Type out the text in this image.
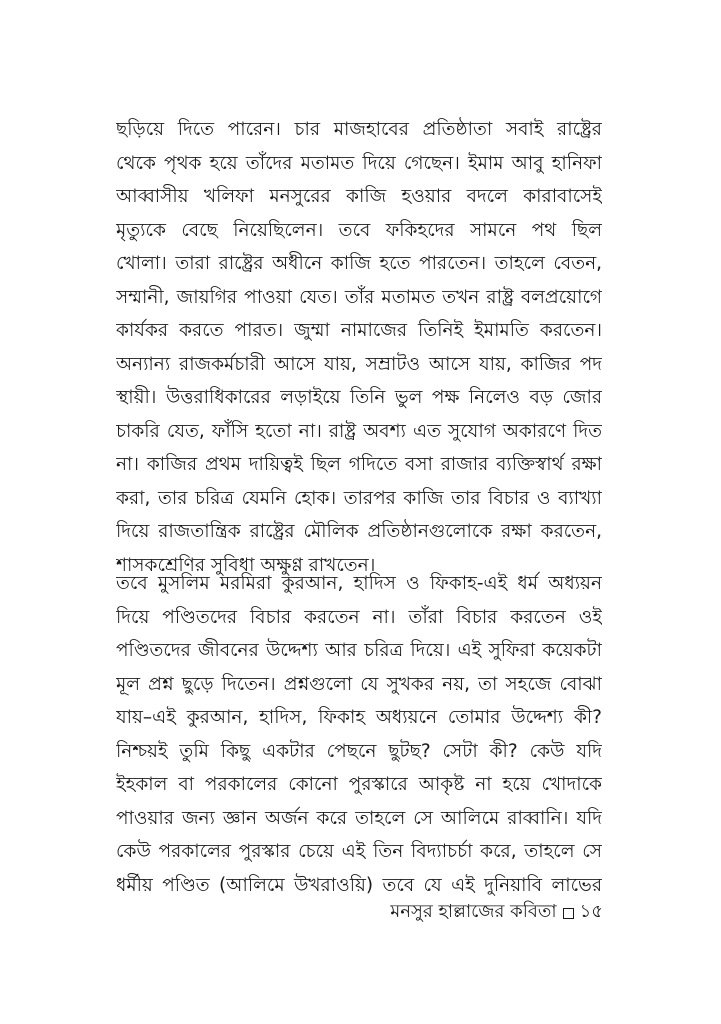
ছড়িয়ে দিতে পারেন। চার মাজহাবের প্রতিষ্ঠাতা সবাই রাষ্ট্রের
থেকে পৃথক হয়ে তাঁদের মতামত দিয়ে গেছেন। ইমাম আবু হানিফা
আব্বাসীয় খলিফা মনসুরের কাজি হওয়ার বদলে কারাবাসেই
মৃত্যুকে বেছে নিয়েছিলেন। তবে ফকিহদের সামনে পথ ছিল
খোলা। তারা রাষ্ট্রের অধীনে কাজি হতে পারতেন। তাহলে বেতন,
সম্মানী, জায়গির পাওয়া যেত। তাঁর মতামত তখন রাষ্ট্র বলপ্রয়োগে
কার্যকর করতে পারত। জুম্মা নামাজের তিনিই ইমামতি করতেন।
অন্যান্য রাজকর্মচারী আসে যায়, সম্রাটও আসে যায়, কাজির পদ
স্থায়ী। উত্তরাধিকারের লড়াইয়ে তিনি ভুল পক্ষ নিলেও বড় জোর
চাকরি যেত, ফাঁসি হতো না। রাষ্ট্র অবশ্য এত সুযোগ অকারণে দিত
না। কাজির প্রথম দায়িত্বই ছিল গদিতে বসা রাজার ব্যক্তিস্বার্থ রক্ষা
করা, তার চরিত্র যেমনি হোক। তারপর কাজি তার বিচার ও ব্যাখ্যা
দিয়ে রাজতান্ত্রিক রাষ্ট্রের মৌলিক প্রতিষ্ঠানগুলোকে রক্ষা করতেন,
শাসকশ্রেণির সুবিধা অক্ষুণ্ণ রাখতেন।
তবে মুসলিম মরমিরা কুরআন, হাদিস ও ফিকাহ-এই ধর্ম অধ্যয়ন
দিয়ে পণ্ডিতদের বিচার করতেন না। তাঁরা বিচার করতেন ওই
পণ্ডিতদের জীবনের উদ্দেশ্য আর চরিত্র দিয়ে। এই সুফিরা কয়েকটা
মূল প্রশ্ন ছুড়ে দিতেন। প্রশ্নগুলো যে সুখকর নয়, তা সহজে বোঝা
যায়–এই কুরআন, হাদিস, ফিকাহ অধ্যয়নে তোমার উদ্দেশ্য কী?
নিশ্চয়ই তুমি কিছু একটার পেছনে ছুটছ? সেটা কী? কেউ যদি
ইহকাল বা পরকালের কোনো পুরস্কারে আকৃষ্ট না হয়ে খোদাকে
পাওয়ার জন্য জ্ঞান অর্জন করে তাহলে সে আলিমে রাব্বানি। যদি
কেউ পরকালের পুরস্কার চেয়ে এই তিন বিদ্যাচর্চা করে, তাহলে সে
ধর্মীয় পণ্ডিত (আলিমে উখরাওয়ি) তবে যে এই দুনিয়াবি লাভের
মনসুর হাল্লাজের কবিতা ১৫
